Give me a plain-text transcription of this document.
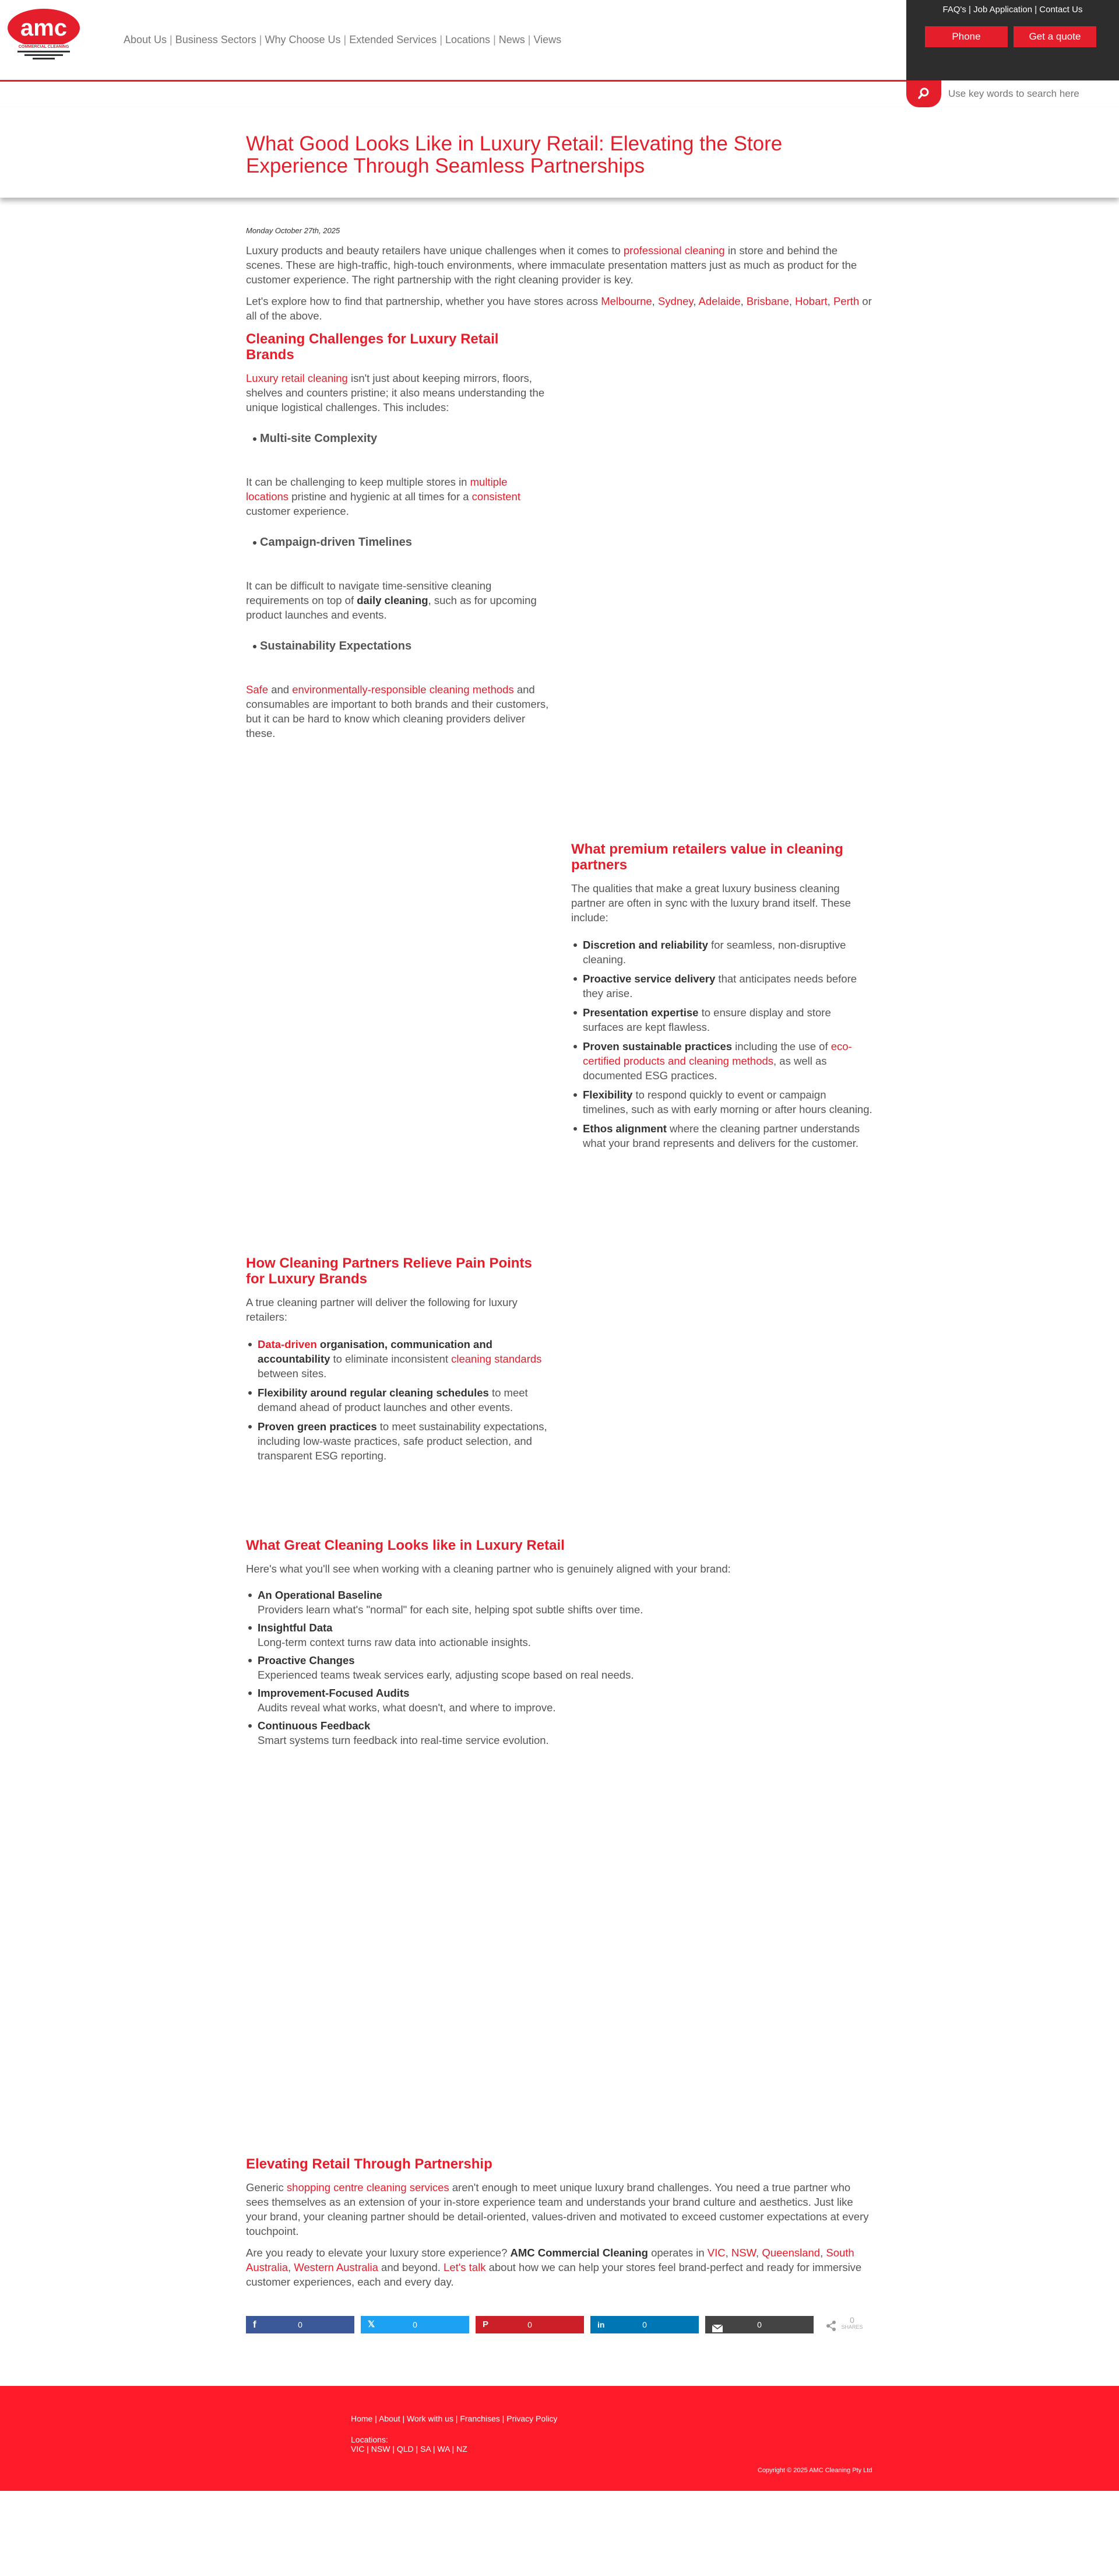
amc
COMMERCIAL CLEANING
About Us | Business Sectors | Why Choose Us | Extended Services | Locations | News | Views
FAQ's | Job Application | Contact Us
Phone	Get a quote
Use key words to search here
What Good Looks Like in Luxury Retail: Elevating the Store Experience Through Seamless Partnerships
Monday October 27th, 2025

Luxury products and beauty retailers have unique challenges when it comes to professional cleaning in store and behind the scenes. These are high-traffic, high-touch environments, where immaculate presentation matters just as much as product for the customer experience. The right partnership with the right cleaning provider is key.

Let's explore how to find that partnership, whether you have stores across Melbourne, Sydney, Adelaide, Brisbane, Hobart, Perth or all of the above.

Cleaning Challenges for Luxury Retail Brands

Luxury retail cleaning isn't just about keeping mirrors, floors, shelves and counters pristine; it also means understanding the unique logistical challenges. This includes:

Multi-site Complexity

It can be challenging to keep multiple stores in multiple locations pristine and hygienic at all times for a consistent customer experience.

Campaign-driven Timelines

It can be difficult to navigate time-sensitive cleaning requirements on top of daily cleaning, such as for upcoming product launches and events.

Sustainability Expectations

Safe and environmentally-responsible cleaning methods and consumables are important to both brands and their customers, but it can be hard to know which cleaning providers deliver these.

What premium retailers value in cleaning partners

The qualities that make a great luxury business cleaning partner are often in sync with the luxury brand itself. These include:

Discretion and reliability for seamless, non-disruptive cleaning.
Proactive service delivery that anticipates needs before they arise.
Presentation expertise to ensure display and store surfaces are kept flawless.
Proven sustainable practices including the use of eco-certified products and cleaning methods, as well as documented ESG practices.
Flexibility to respond quickly to event or campaign timelines, such as with early morning or after hours cleaning.
Ethos alignment where the cleaning partner understands what your brand represents and delivers for the customer.
How Cleaning Partners Relieve Pain Points for Luxury Brands

A true cleaning partner will deliver the following for luxury retailers:

Data-driven organisation, communication and accountability to eliminate inconsistent cleaning standards between sites.
Flexibility around regular cleaning schedules to meet demand ahead of product launches and other events.
Proven green practices to meet sustainability expectations, including low-waste practices, safe product selection, and transparent ESG reporting.
What Great Cleaning Looks like in Luxury Retail

Here's what you'll see when working with a cleaning partner who is genuinely aligned with your brand:

An Operational Baseline
Providers learn what's "normal" for each site, helping spot subtle shifts over time.
Insightful Data
Long-term context turns raw data into actionable insights.
Proactive Changes
Experienced teams tweak services early, adjusting scope based on real needs.
Improvement-Focused Audits
Audits reveal what works, what doesn't, and where to improve.
Continuous Feedback
Smart systems turn feedback into real-time service evolution.
Elevating Retail Through Partnership

Generic shopping centre cleaning services aren't enough to meet unique luxury brand challenges. You need a true partner who sees themselves as an extension of your in-store experience team and understands your brand culture and aesthetics. Just like your brand, your cleaning partner should be detail-oriented, values-driven and motivated to exceed customer expectations at every touchpoint.

Are you ready to elevate your luxury store experience? AMC Commercial Cleaning operates in VIC, NSW, Queensland, South Australia, Western Australia and beyond. Let's talk about how we can help your stores feel brand-perfect and ready for immersive customer experiences, each and every day.

f	0	𝕏	0	P	0	in	0	0	0
SHARES
Home | About | Work with us | Franchises | Privacy Policy
Locations:
VIC | NSW | QLD | SA | WA | NZ
Copyright © 2025 AMC Cleaning Pty Ltd
